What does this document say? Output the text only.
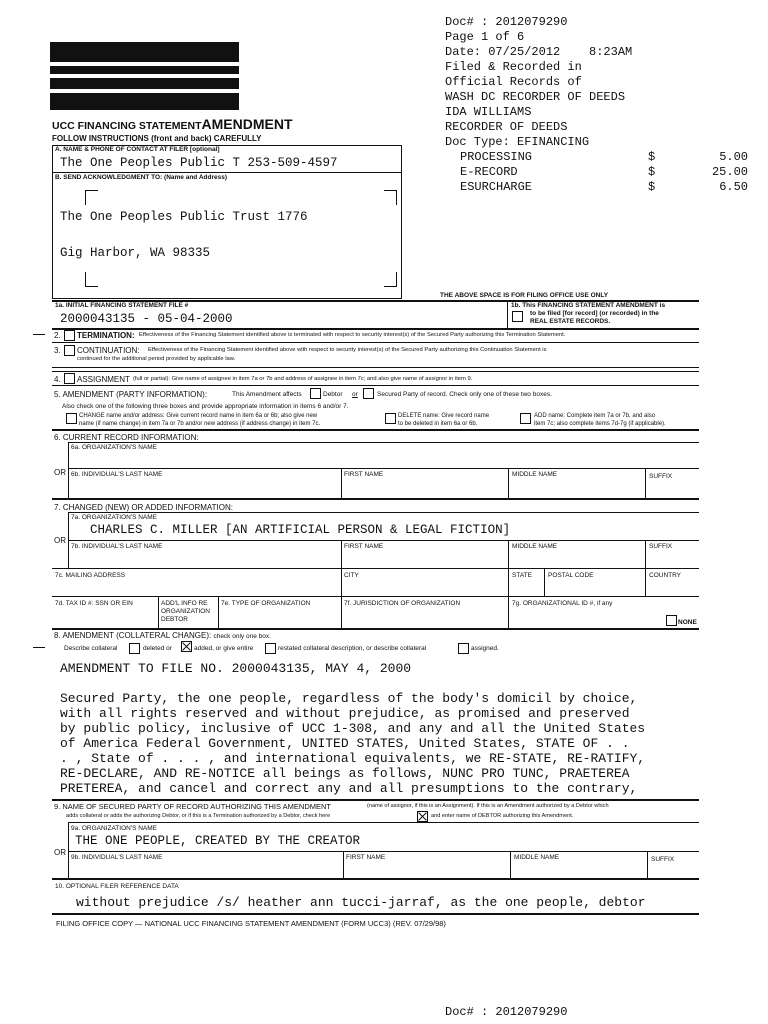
Doc# : 2012079290
Page 1 of 6
Date: 07/25/2012    8:23AM
Filed & Recorded in
Official Records of
WASH DC RECORDER OF DEEDS
IDA WILLIAMS
RECORDER OF DEEDS
Doc Type: EFINANCING
PROCESSING	$	5.00
E-RECORD	$	25.00
ESURCHARGE	$	6.50
UCC FINANCING STATEMENTAMENDMENT
FOLLOW INSTRUCTIONS (front and back) CAREFULLY
A. NAME & PHONE OF CONTACT AT FILER [optional]
The One Peoples Public T 253-509-4597
B. SEND ACKNOWLEDGMENT TO: (Name and Address)
The One Peoples Public Trust 1776
Gig Harbor, WA 98335
THE ABOVE SPACE IS FOR FILING OFFICE USE ONLY
1a. INITIAL FINANCING STATEMENT FILE #
2000043135 - 05-04-2000
1b. This FINANCING STATEMENT AMENDMENT is
to be filed [for record] (or recorded) in the
REAL ESTATE RECORDS.
2. TERMINATION: Effectiveness of the Financing Statement identified above is terminated with respect to security interest(s) of the Secured Party authorizing this Termination Statement.
3. CONTINUATION: Effectiveness of the Financing Statement identified above with respect to security interest(s) of the Secured Party authorizing this Continuation Statement is
continued for the additional period provided by applicable law.
4. ASSIGNMENT (full or partial): Give name of assignee in item 7a or 7b and address of assignee in item 7c; and also give name of assignor in item 9.
5. AMENDMENT (PARTY INFORMATION):	This Amendment affects	Debtor or	Secured Party of record. Check only one of these two boxes.
Also check one of the following three boxes and provide appropriate information in items 6 and/or 7.
CHANGE name and/or address: Give current record name in item 6a or 6b; also give new
name (if name change) in item 7a or 7b and/or new address (if address change) in item 7c.
DELETE name: Give record name
to be deleted in item 6a or 6b.
ADD name: Complete item 7a or 7b, and also
item 7c; also complete items 7d-7g (if applicable).
6. CURRENT RECORD INFORMATION:
6a. ORGANIZATION'S NAME
OR 6b. INDIVIDUAL'S LAST NAME	FIRST NAME	MIDDLE NAME	SUFFIX
7. CHANGED (NEW) OR ADDED INFORMATION:
7a. ORGANIZATION'S NAME
CHARLES C. MILLER [AN ARTIFICIAL PERSON & LEGAL FICTION]
OR
7b. INDIVIDUAL'S LAST NAME	FIRST NAME	MIDDLE NAME	SUFFIX
7c. MAILING ADDRESS	CITY	STATE POSTAL CODE	COUNTRY
7d. TAX ID #: SSN OR EIN	ADD'L INFO RE
ORGANIZATION
DEBTOR
7e. TYPE OF ORGANIZATION	7f. JURISDICTION OF ORGANIZATION	7g. ORGANIZATIONAL ID #, if any
NONE
8. AMENDMENT (COLLATERAL CHANGE): check only one box.
Describe collateral	deleted or	added, or give entire	restated collateral description, or describe collateral	assigned.
AMENDMENT TO FILE NO. 2000043135, MAY 4, 2000
Secured Party, the one people, regardless of the body's domicil by choice,
with all rights reserved and without prejudice, as promised and preserved
by public policy, inclusive of UCC 1-308, and any and all the United States
of America Federal Government, UNITED STATES, United States, STATE OF . .
. , State of . . . , and international equivalents, we RE-STATE, RE-RATIFY,
RE-DECLARE, AND RE-NOTICE all beings as follows, NUNC PRO TUNC, PRAETEREA
PRETEREA, and cancel and correct any and all presumptions to the contrary,
9. NAME OF SECURED PARTY OF RECORD AUTHORIZING THIS AMENDMENT	(name of assignor, if this is an Assignment). If this is an Amendment authorized by a Debtor which
adds collateral or adds the authorizing Debtor, or if this is a Termination authorized by a Debtor, check here	and enter name of DEBTOR authorizing this Amendment.
9a. ORGANIZATION'S NAME
THE ONE PEOPLE, CREATED BY THE CREATOR
OR
9b. INDIVIDUAL'S LAST NAME	FIRST NAME	MIDDLE NAME	SUFFIX
10. OPTIONAL FILER REFERENCE DATA
without prejudice /s/ heather ann tucci-jarraf, as the one people, debtor
FILING OFFICE COPY — NATIONAL UCC FINANCING STATEMENT AMENDMENT (FORM UCC3) (REV. 07/29/98)
Doc# : 2012079290
